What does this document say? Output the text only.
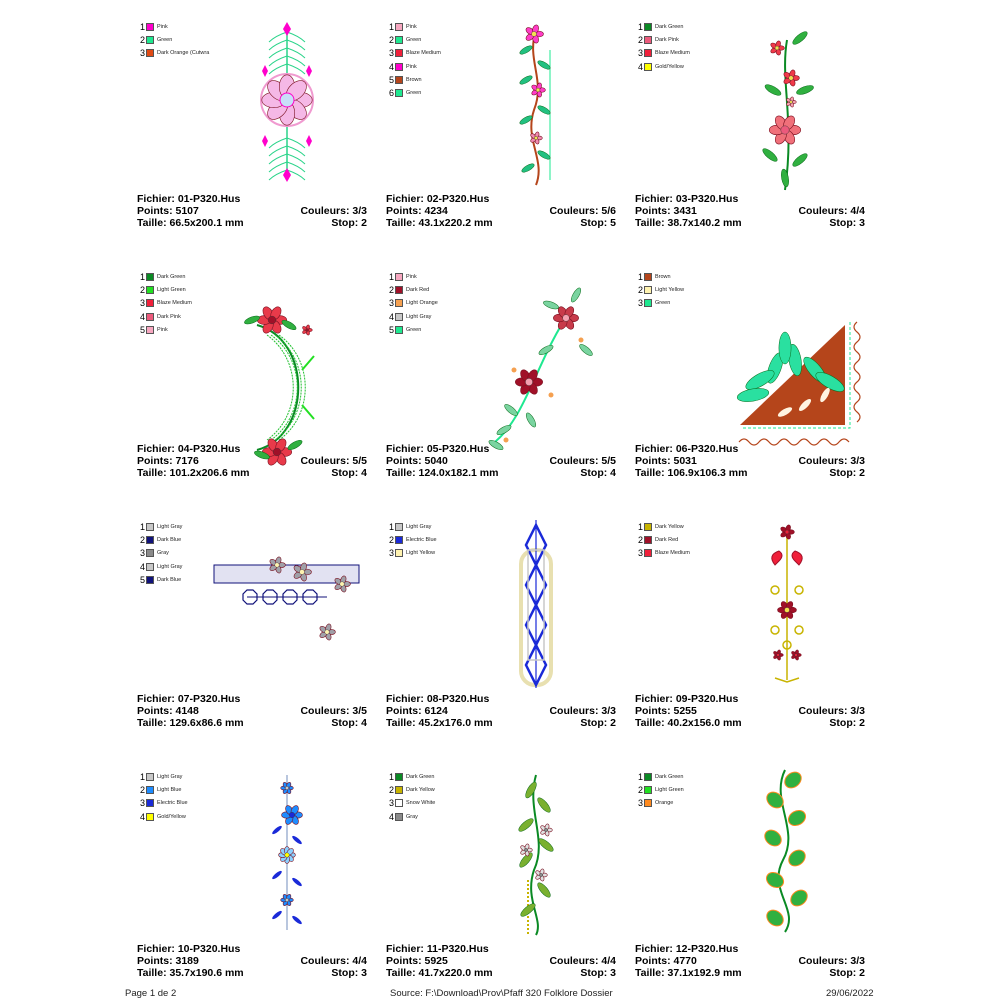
1 Pink
2 Green
3 Dark Orange (Cutwra
Fichier: 01-P320.Hus
Points: 5107	Couleurs: 3/3
Taille: 66.5x200.1 mm	Stop: 2
1 Pink
2 Green
3 Blaze Medium
4 Pink
5 Brown
6 Green
Fichier: 02-P320.Hus
Points: 4234	Couleurs: 5/6
Taille: 43.1x220.2 mm	Stop: 5
1 Dark Green
2 Dark Pink
3 Blaze Medium
4 Gold/Yellow
Fichier: 03-P320.Hus
Points: 3431	Couleurs: 4/4
Taille: 38.7x140.2 mm	Stop: 3
1 Dark Green
2 Light Green
3 Blaze Medium
4 Dark Pink
5 Pink
Fichier: 04-P320.Hus
Points: 7176	Couleurs: 5/5
Taille: 101.2x206.6 mm	Stop: 4
1 Pink
2 Dark Red
3 Light Orange
4 Light Gray
5 Green
Fichier: 05-P320.Hus
Points: 5040	Couleurs: 5/5
Taille: 124.0x182.1 mm	Stop: 4
1 Brown
2 Light Yellow
3 Green
Fichier: 06-P320.Hus
Points: 5031	Couleurs: 3/3
Taille: 106.9x106.3 mm	Stop: 2
1 Light Gray
2 Dark Blue
3 Gray
4 Light Gray
5 Dark Blue
Fichier: 07-P320.Hus
Points: 4148	Couleurs: 3/5
Taille: 129.6x86.6 mm	Stop: 4
1 Light Gray
2 Electric Blue
3 Light Yellow
Fichier: 08-P320.Hus
Points: 6124	Couleurs: 3/3
Taille: 45.2x176.0 mm	Stop: 2
1 Dark Yellow
2 Dark Red
3 Blaze Medium
Fichier: 09-P320.Hus
Points: 5255	Couleurs: 3/3
Taille: 40.2x156.0 mm	Stop: 2
1 Light Gray
2 Light Blue
3 Electric Blue
4 Gold/Yellow
Fichier: 10-P320.Hus
Points: 3189	Couleurs: 4/4
Taille: 35.7x190.6 mm	Stop: 3
1 Dark Green
2 Dark Yellow
3 Snow White
4 Gray
Fichier: 11-P320.Hus
Points: 5925	Couleurs: 4/4
Taille: 41.7x220.0 mm	Stop: 3
1 Dark Green
2 Light Green
3 Orange
Fichier: 12-P320.Hus
Points: 4770	Couleurs: 3/3
Taille: 37.1x192.9 mm	Stop: 2
Page 1 de 2	Source: F:\Download\Prov\Pfaff 320 Folklore Dossier	29/06/2022
